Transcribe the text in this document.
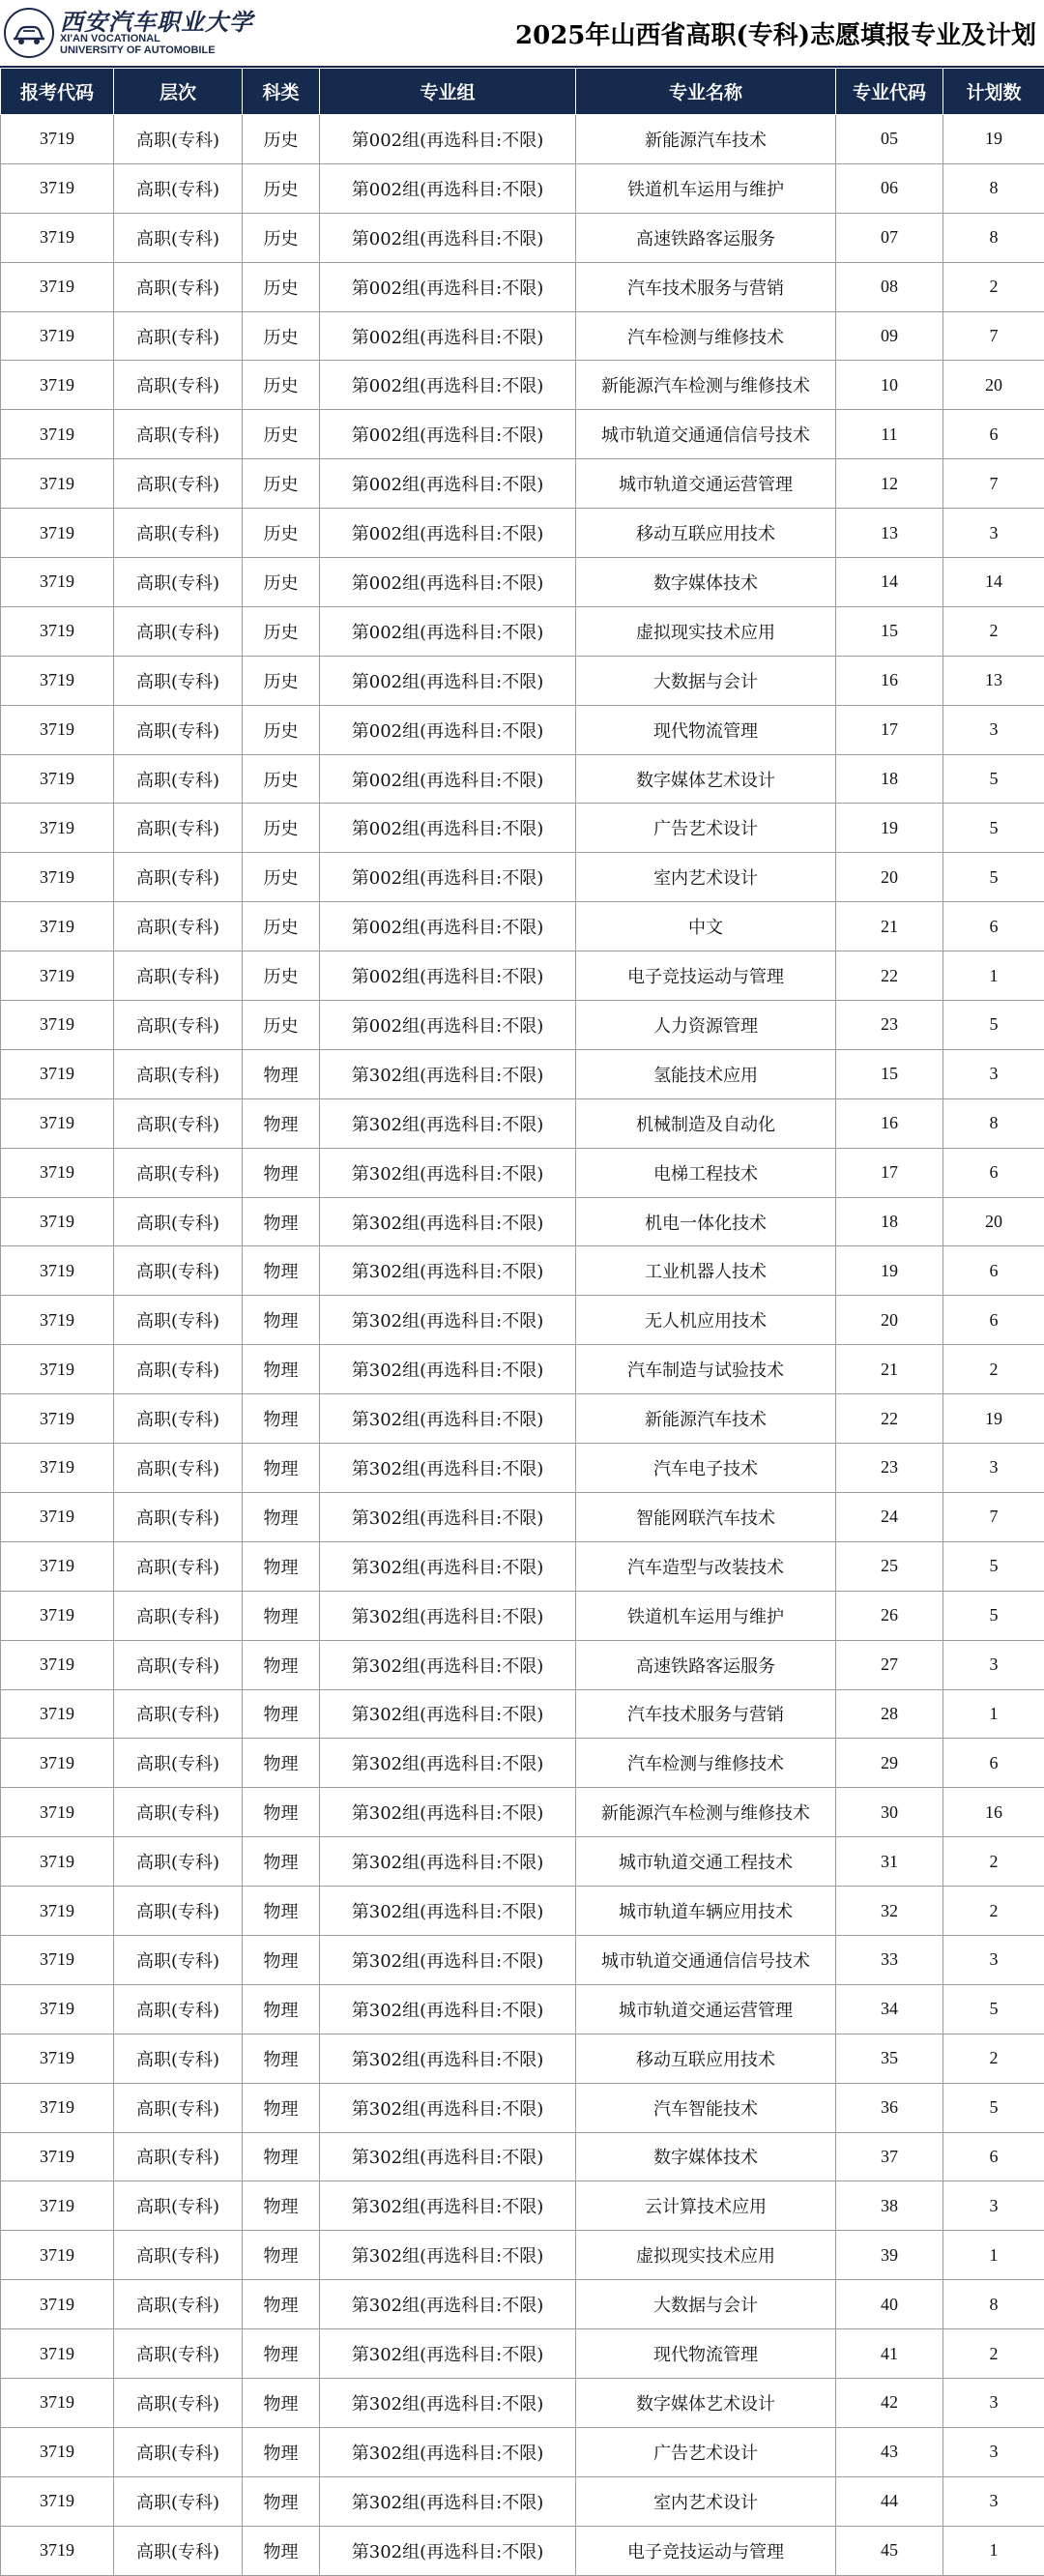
西安汽车职业大学
XI'AN VOCATIONAL
UNIVERSITY OF AUTOMOBILE
2025年山西省高职(专科)志愿填报专业及计划
报考代码	层次	科类	专业组	专业名称	专业代码	计划数
3719	高职(专科)	历史	第002组(再选科目:不限)	新能源汽车技术	05	19
3719	高职(专科)	历史	第002组(再选科目:不限)	铁道机车运用与维护	06	8
3719	高职(专科)	历史	第002组(再选科目:不限)	高速铁路客运服务	07	8
3719	高职(专科)	历史	第002组(再选科目:不限)	汽车技术服务与营销	08	2
3719	高职(专科)	历史	第002组(再选科目:不限)	汽车检测与维修技术	09	7
3719	高职(专科)	历史	第002组(再选科目:不限)	新能源汽车检测与维修技术	10	20
3719	高职(专科)	历史	第002组(再选科目:不限)	城市轨道交通通信信号技术	11	6
3719	高职(专科)	历史	第002组(再选科目:不限)	城市轨道交通运营管理	12	7
3719	高职(专科)	历史	第002组(再选科目:不限)	移动互联应用技术	13	3
3719	高职(专科)	历史	第002组(再选科目:不限)	数字媒体技术	14	14
3719	高职(专科)	历史	第002组(再选科目:不限)	虚拟现实技术应用	15	2
3719	高职(专科)	历史	第002组(再选科目:不限)	大数据与会计	16	13
3719	高职(专科)	历史	第002组(再选科目:不限)	现代物流管理	17	3
3719	高职(专科)	历史	第002组(再选科目:不限)	数字媒体艺术设计	18	5
3719	高职(专科)	历史	第002组(再选科目:不限)	广告艺术设计	19	5
3719	高职(专科)	历史	第002组(再选科目:不限)	室内艺术设计	20	5
3719	高职(专科)	历史	第002组(再选科目:不限)	中文	21	6
3719	高职(专科)	历史	第002组(再选科目:不限)	电子竞技运动与管理	22	1
3719	高职(专科)	历史	第002组(再选科目:不限)	人力资源管理	23	5
3719	高职(专科)	物理	第302组(再选科目:不限)	氢能技术应用	15	3
3719	高职(专科)	物理	第302组(再选科目:不限)	机械制造及自动化	16	8
3719	高职(专科)	物理	第302组(再选科目:不限)	电梯工程技术	17	6
3719	高职(专科)	物理	第302组(再选科目:不限)	机电一体化技术	18	20
3719	高职(专科)	物理	第302组(再选科目:不限)	工业机器人技术	19	6
3719	高职(专科)	物理	第302组(再选科目:不限)	无人机应用技术	20	6
3719	高职(专科)	物理	第302组(再选科目:不限)	汽车制造与试验技术	21	2
3719	高职(专科)	物理	第302组(再选科目:不限)	新能源汽车技术	22	19
3719	高职(专科)	物理	第302组(再选科目:不限)	汽车电子技术	23	3
3719	高职(专科)	物理	第302组(再选科目:不限)	智能网联汽车技术	24	7
3719	高职(专科)	物理	第302组(再选科目:不限)	汽车造型与改装技术	25	5
3719	高职(专科)	物理	第302组(再选科目:不限)	铁道机车运用与维护	26	5
3719	高职(专科)	物理	第302组(再选科目:不限)	高速铁路客运服务	27	3
3719	高职(专科)	物理	第302组(再选科目:不限)	汽车技术服务与营销	28	1
3719	高职(专科)	物理	第302组(再选科目:不限)	汽车检测与维修技术	29	6
3719	高职(专科)	物理	第302组(再选科目:不限)	新能源汽车检测与维修技术	30	16
3719	高职(专科)	物理	第302组(再选科目:不限)	城市轨道交通工程技术	31	2
3719	高职(专科)	物理	第302组(再选科目:不限)	城市轨道车辆应用技术	32	2
3719	高职(专科)	物理	第302组(再选科目:不限)	城市轨道交通通信信号技术	33	3
3719	高职(专科)	物理	第302组(再选科目:不限)	城市轨道交通运营管理	34	5
3719	高职(专科)	物理	第302组(再选科目:不限)	移动互联应用技术	35	2
3719	高职(专科)	物理	第302组(再选科目:不限)	汽车智能技术	36	5
3719	高职(专科)	物理	第302组(再选科目:不限)	数字媒体技术	37	6
3719	高职(专科)	物理	第302组(再选科目:不限)	云计算技术应用	38	3
3719	高职(专科)	物理	第302组(再选科目:不限)	虚拟现实技术应用	39	1
3719	高职(专科)	物理	第302组(再选科目:不限)	大数据与会计	40	8
3719	高职(专科)	物理	第302组(再选科目:不限)	现代物流管理	41	2
3719	高职(专科)	物理	第302组(再选科目:不限)	数字媒体艺术设计	42	3
3719	高职(专科)	物理	第302组(再选科目:不限)	广告艺术设计	43	3
3719	高职(专科)	物理	第302组(再选科目:不限)	室内艺术设计	44	3
3719	高职(专科)	物理	第302组(再选科目:不限)	电子竞技运动与管理	45	1
